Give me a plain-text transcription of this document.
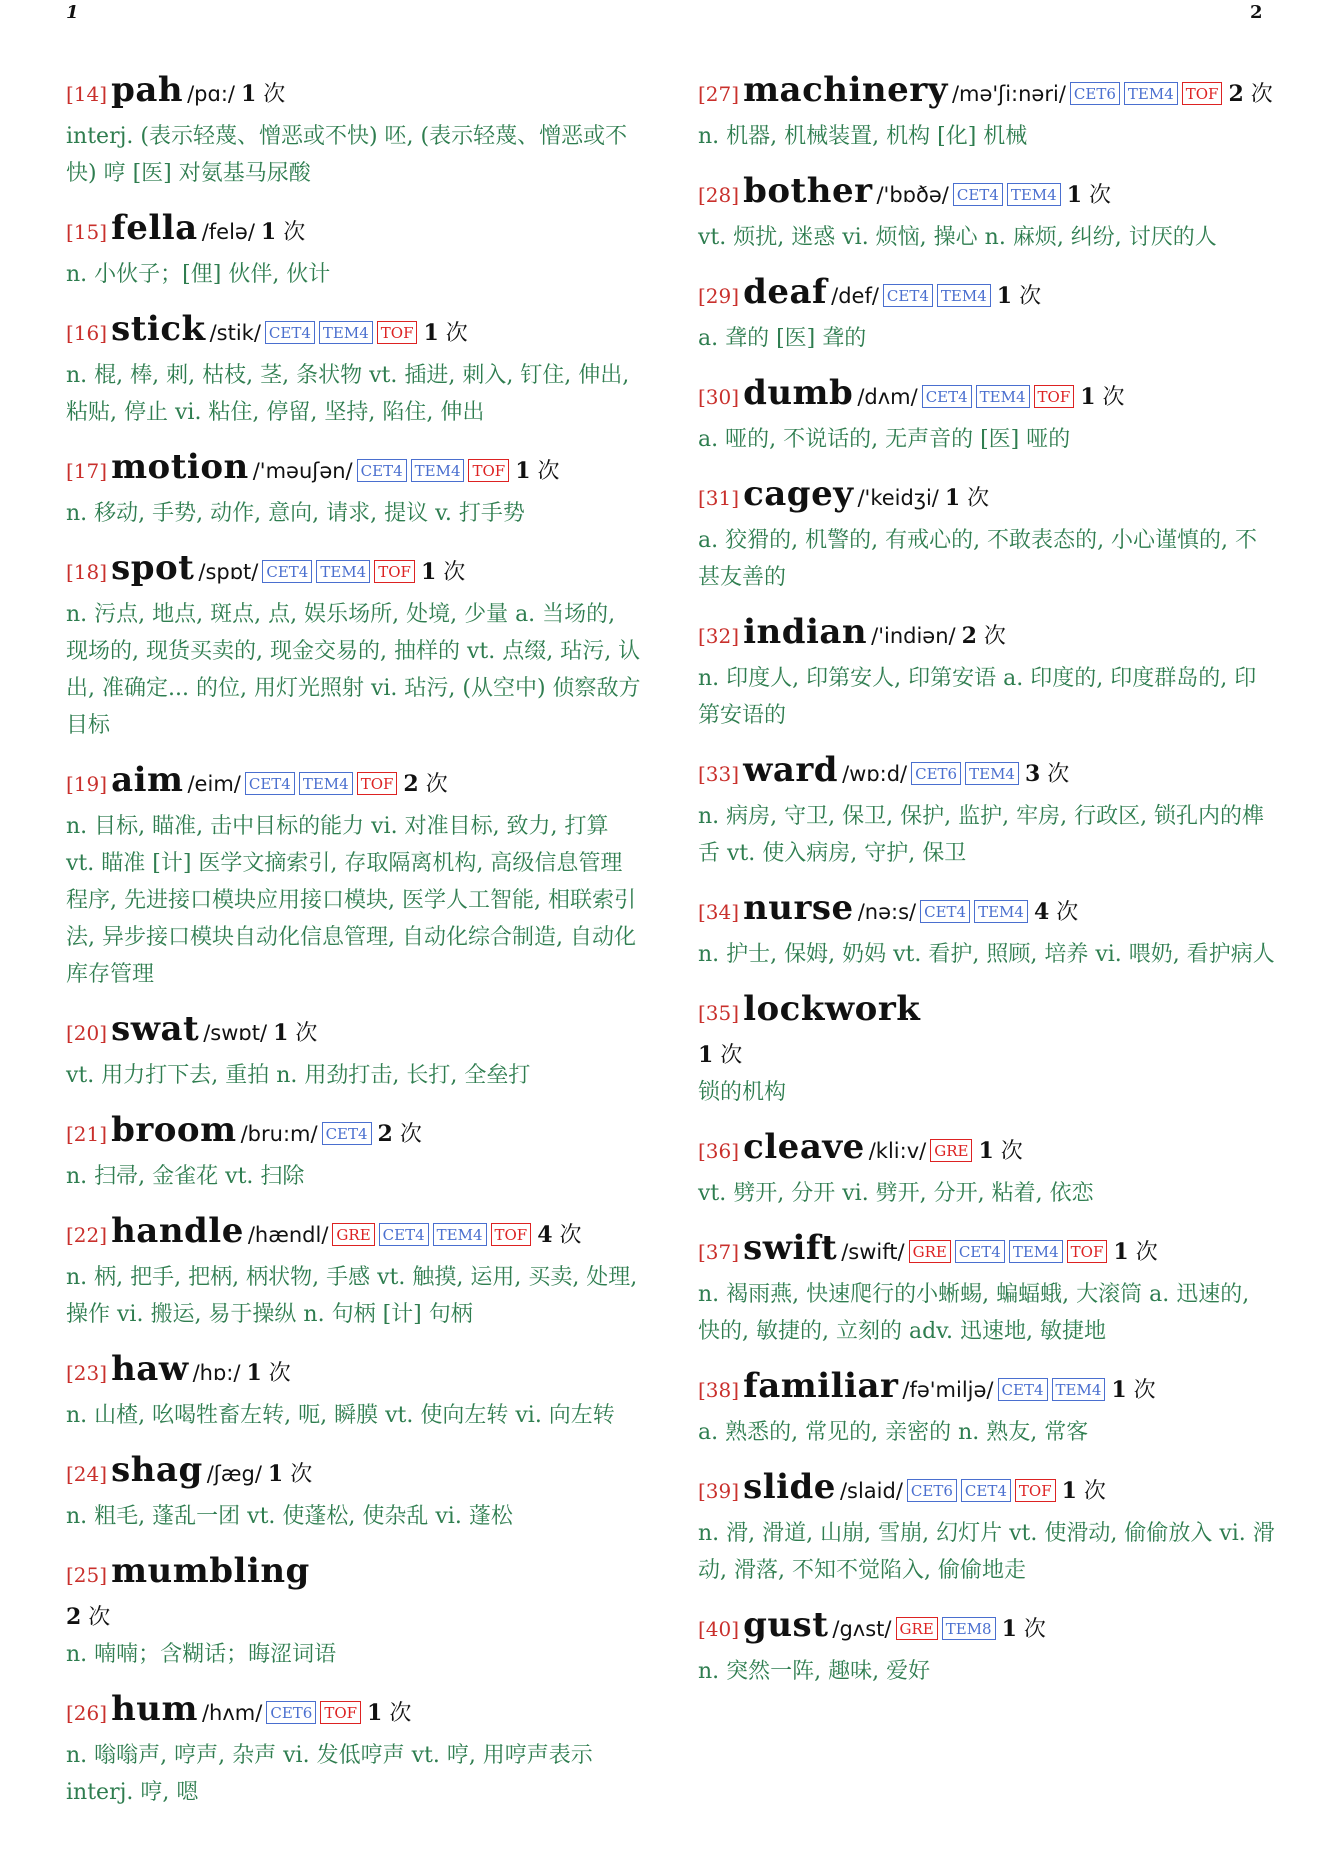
1	2
[14] pah /pɑ:/ 1 次
interj. (表示轻蔑、憎恶或不快) 呸, (表示轻蔑、憎恶或不快) 哼 [医] 对氨基马尿酸
[15] fella /felə/ 1 次
n. 小伙子；[俚] 伙伴, 伙计
[16] stick /stik/ CET4 TEM4 TOF 1 次
n. 棍, 棒, 刺, 枯枝, 茎, 条状物 vt. 插进, 刺入, 钉住, 伸出, 粘贴, 停止 vi. 粘住, 停留, 坚持, 陷住, 伸出
[17] motion /'məuʃən/ CET4 TEM4 TOF 1 次
n. 移动, 手势, 动作, 意向, 请求, 提议 v. 打手势
[18] spot /spɒt/ CET4 TEM4 TOF 1 次
n. 污点, 地点, 斑点, 点, 娱乐场所, 处境, 少量 a. 当场的, 现场的, 现货买卖的, 现金交易的, 抽样的 vt. 点缀, 玷污, 认出, 准确定... 的位, 用灯光照射 vi. 玷污, (从空中) 侦察敌方目标
[19] aim /eim/ CET4 TEM4 TOF 2 次
n. 目标, 瞄准, 击中目标的能力 vi. 对准目标, 致力, 打算 vt. 瞄准 [计] 医学文摘索引, 存取隔离机构, 高级信息管理程序, 先进接口模块应用接口模块, 医学人工智能, 相联索引法, 异步接口模块自动化信息管理, 自动化综合制造, 自动化库存管理
[20] swat /swɒt/ 1 次
vt. 用力打下去, 重拍 n. 用劲打击, 长打, 全垒打
[21] broom /bru:m/ CET4 2 次
n. 扫帚, 金雀花 vt. 扫除
[22] handle /hændl/ GRE CET4 TEM4 TOF 4 次
n. 柄, 把手, 把柄, 柄状物, 手感 vt. 触摸, 运用, 买卖, 处理, 操作 vi. 搬运, 易于操纵 n. 句柄 [计] 句柄
[23] haw /hɒ:/ 1 次
n. 山楂, 吆喝牲畜左转, 呃, 瞬膜 vt. 使向左转 vi. 向左转
[24] shag /ʃæg/ 1 次
n. 粗毛, 蓬乱一团 vt. 使蓬松, 使杂乱 vi. 蓬松
[25] mumbling
2 次
n. 喃喃；含糊话；晦涩词语
[26] hum /hʌm/ CET6 TOF 1 次
n. 嗡嗡声, 哼声, 杂声 vi. 发低哼声 vt. 哼, 用哼声表示 interj. 哼, 嗯
[27] machinery /mə'ʃi:nəri/ CET6 TEM4 TOF 2 次
n. 机器, 机械装置, 机构 [化] 机械
[28] bother /'bɒðə/ CET4 TEM4 1 次
vt. 烦扰, 迷惑 vi. 烦恼, 操心 n. 麻烦, 纠纷, 讨厌的人
[29] deaf /def/ CET4 TEM4 1 次
a. 聋的 [医] 聋的
[30] dumb /dʌm/ CET4 TEM4 TOF 1 次
a. 哑的, 不说话的, 无声音的 [医] 哑的
[31] cagey /'keidʒi/ 1 次
a. 狡猾的, 机警的, 有戒心的, 不敢表态的, 小心谨慎的, 不甚友善的
[32] indian /'indiən/ 2 次
n. 印度人, 印第安人, 印第安语 a. 印度的, 印度群岛的, 印第安语的
[33] ward /wɒ:d/ CET6 TEM4 3 次
n. 病房, 守卫, 保卫, 保护, 监护, 牢房, 行政区, 锁孔内的榫舌 vt. 使入病房, 守护, 保卫
[34] nurse /nə:s/ CET4 TEM4 4 次
n. 护士, 保姆, 奶妈 vt. 看护, 照顾, 培养 vi. 喂奶, 看护病人
[35] lockwork
1 次
锁的机构
[36] cleave /kli:v/ GRE 1 次
vt. 劈开, 分开 vi. 劈开, 分开, 粘着, 依恋
[37] swift /swift/ GRE CET4 TEM4 TOF 1 次
n. 褐雨燕, 快速爬行的小蜥蜴, 蝙蝠蛾, 大滚筒 a. 迅速的, 快的, 敏捷的, 立刻的 adv. 迅速地, 敏捷地
[38] familiar /fə'miljə/ CET4 TEM4 1 次
a. 熟悉的, 常见的, 亲密的 n. 熟友, 常客
[39] slide /slaid/ CET6 CET4 TOF 1 次
n. 滑, 滑道, 山崩, 雪崩, 幻灯片 vt. 使滑动, 偷偷放入 vi. 滑动, 滑落, 不知不觉陷入, 偷偷地走
[40] gust /gʌst/ GRE TEM8 1 次
n. 突然一阵, 趣味, 爱好
